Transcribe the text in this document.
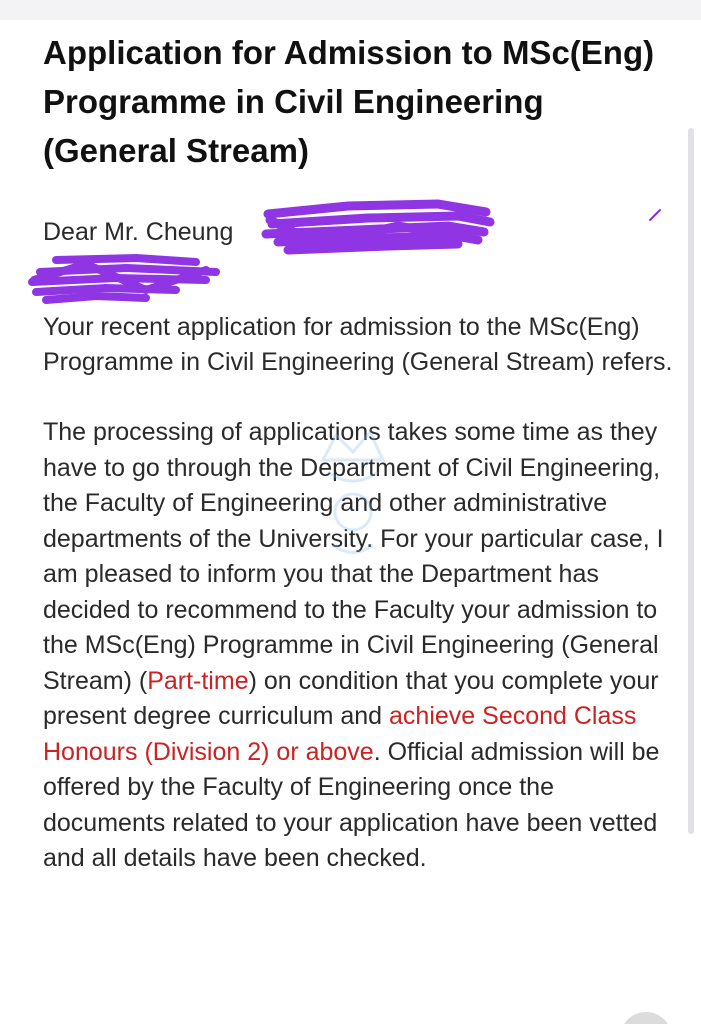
Application for Admission to MSc(Eng) Programme in Civil Engineering (General Stream)

Dear Mr. Cheung

Your recent application for admission to the MSc(Eng) Programme in Civil Engineering (General Stream) refers.

The processing of applications takes some time as they have to go through the Department of Civil Engineering, the Faculty of Engineering and other administrative departments of the University. For your particular case, I am pleased to inform you that the Department has decided to recommend to the Faculty your admission to the MSc(Eng) Programme in Civil Engineering (General Stream) (Part-time) on condition that you complete your present degree curriculum and achieve Second Class Honours (Division 2) or above. Official admission will be offered by the Faculty of Engineering once the documents related to your application have been vetted and all details have been checked.
